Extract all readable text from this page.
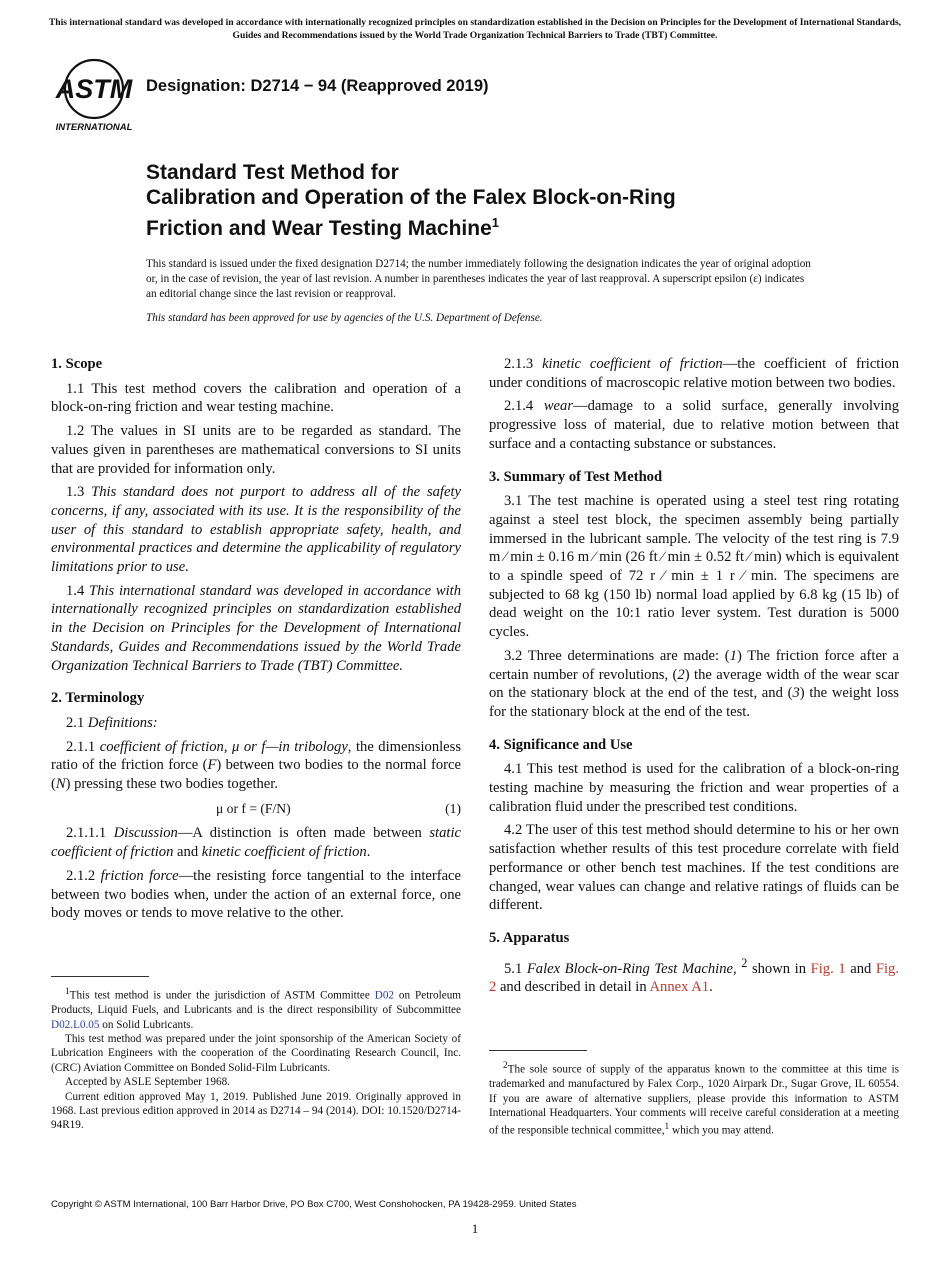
This international standard was developed in accordance with internationally recognized principles on standardization established in the Decision on Principles for the Development of International Standards, Guides and Recommendations issued by the World Trade Organization Technical Barriers to Trade (TBT) Committee.
ASTM
INTERNATIONAL
Designation: D2714 − 94 (Reapproved 2019)
Standard Test Method for
Calibration and Operation of the Falex Block-on-Ring
Friction and Wear Testing Machine$^1$
This standard is issued under the fixed designation D2714; the number immediately following the designation indicates the year of original adoption or, in the case of revision, the year of last revision. A number in parentheses indicates the year of last reapproval. A superscript epsilon (ε) indicates an editorial change since the last revision or reapproval.
This standard has been approved for use by agencies of the U.S. Department of Defense.
1. Scope

1.1 This test method covers the calibration and operation of a block-on-ring friction and wear testing machine.

1.2 The values in SI units are to be regarded as standard. The values given in parentheses are mathematical conversions to SI units that are provided for information only.

1.3 This standard does not purport to address all of the safety concerns, if any, associated with its use. It is the responsibility of the user of this standard to establish appropriate safety, health, and environmental practices and determine the applicability of regulatory limitations prior to use.

1.4 This international standard was developed in accordance with internationally recognized principles on standardization established in the Decision on Principles for the Development of International Standards, Guides and Recommendations issued by the World Trade Organization Technical Barriers to Trade (TBT) Committee.

2. Terminology

2.1 Definitions:

2.1.1 coefficient of friction, μ or f—in tribology, the dimensionless ratio of the friction force (F) between two bodies to the normal force (N) pressing these two bodies together.

μ or f = (F/N)	(1)

2.1.1.1 Discussion—A distinction is often made between static coefficient of friction and kinetic coefficient of friction.

2.1.2 friction force—the resisting force tangential to the interface between two bodies when, under the action of an external force, one body moves or tends to move relative to the other.

2.1.3 kinetic coefficient of friction—the coefficient of friction under conditions of macroscopic relative motion between two bodies.

2.1.4 wear—damage to a solid surface, generally involving progressive loss of material, due to relative motion between that surface and a contacting substance or substances.

3. Summary of Test Method

3.1 The test machine is operated using a steel test ring rotating against a steel test block, the specimen assembly being partially immersed in the lubricant sample. The velocity of the test ring is 7.9 m ⁄ min ± 0.16 m ⁄ min (26 ft ⁄ min ± 0.52 ft ⁄ min) which is equivalent to a spindle speed of 72 r ⁄ min ± 1 r ⁄ min. The specimens are subjected to 68 kg (150 lb) normal load applied by 6.8 kg (15 lb) of dead weight on the 10:1 ratio lever system. Test duration is 5000 cycles.

3.2 Three determinations are made: (1) The friction force after a certain number of revolutions, (2) the average width of the wear scar on the stationary block at the end of the test, and (3) the weight loss for the stationary block at the end of the test.

4. Significance and Use

4.1 This test method is used for the calibration of a block-on-ring testing machine by measuring the friction and wear properties of a calibration fluid under the prescribed test conditions.

4.2 The user of this test method should determine to his or her own satisfaction whether results of this test procedure correlate with field performance or other bench test machines. If the test conditions are changed, wear values can change and relative ratings of fluids can be different.

5. Apparatus

5.1 Falex Block-on-Ring Test Machine, $^2$ shown in Fig. 1 and Fig. 2 and described in detail in Annex A1.

$^1$This test method is under the jurisdiction of ASTM Committee D02 on Petroleum Products, Liquid Fuels, and Lubricants and is the direct responsibility of Subcommittee D02.L0.05 on Solid Lubricants.

This test method was prepared under the joint sponsorship of the American Society of Lubrication Engineers with the cooperation of the Coordinating Research Council, Inc. (CRC) Aviation Committee on Bonded Solid-Film Lubricants.

Accepted by ASLE September 1968.

Current edition approved May 1, 2019. Published June 2019. Originally approved in 1968. Last previous edition approved in 2014 as D2714 – 94 (2014). DOI: 10.1520/D2714-94R19.

$^2$The sole source of supply of the apparatus known to the committee at this time is trademarked and manufactured by Falex Corp., 1020 Airpark Dr., Sugar Grove, IL 60554. If you are aware of alternative suppliers, please provide this information to ASTM International Headquarters. Your comments will receive careful consideration at a meeting of the responsible technical committee,$^1$ which you may attend.

Copyright © ASTM International, 100 Barr Harbor Drive, PO Box C700, West Conshohocken, PA 19428-2959. United States
1
